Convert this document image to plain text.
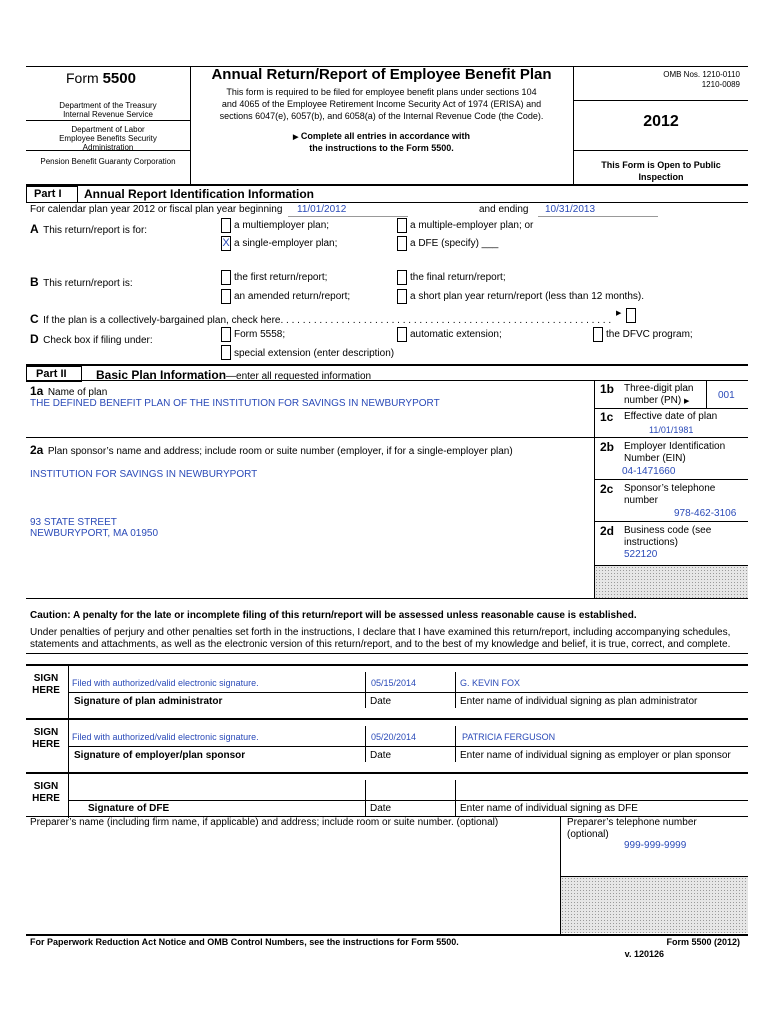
Form 5500
Department of the Treasury
Internal Revenue Service
Department of Labor
Employee Benefits Security
Administration
Pension Benefit Guaranty Corporation
Annual Return/Report of Employee Benefit Plan
This form is required to be filed for employee benefit plans under sections 104
and 4065 of the Employee Retirement Income Security Act of 1974 (ERISA) and
sections 6047(e), 6057(b), and 6058(a) of the Internal Revenue Code (the Code).
▶ Complete all entries in accordance with
the instructions to the Form 5500.
OMB Nos. 1210-0110
1210-0089
2012
This Form is Open to Public
Inspection
Part I Annual Report Identification Information
For calendar plan year 2012 or fiscal plan year beginning 11/01/2012	and ending 10/31/2013
A This return/report is for:	a multiemployer plan;	a multiple-employer plan; or
X a single-employer plan;	a DFE (specify) ___
B This return/report is:
the first return/report;	the final return/report;
an amended return/report;	a short plan year return/report (less than 12 months).
C If the plan is a collectively-bargained plan, check here. . . . . . . . . . . . . . . . . . . . . . . . . . . . . . . . . . . . . . . . . . . . . . . . . . . . . . . . . . . .
▶
D Check box if filing under:
Form 5558;	automatic extension;	the DFVC program;
special extension (enter description)
Part II Basic Plan Information—enter all requested information
1a Name of plan
THE DEFINED BENEFIT PLAN OF THE INSTITUTION FOR SAVINGS IN NEWBURYPORT
1b Three-digit plan
number (PN) ▶
001
1c Effective date of plan
11/01/1981
2a Plan sponsor’s name and address; include room or suite number (employer, if for a single-employer plan)
INSTITUTION FOR SAVINGS IN NEWBURYPORT
93 STATE STREET
NEWBURYPORT, MA 01950
2b Employer Identification
Number (EIN)
04-1471660
2c Sponsor’s telephone
number
978-462-3106
2d Business code (see
instructions)
522120
Caution: A penalty for the late or incomplete filing of this return/report will be assessed unless reasonable cause is established.
Under penalties of perjury and other penalties set forth in the instructions, I declare that I have examined this return/report, including accompanying schedules,
statements and attachments, as well as the electronic version of this return/report, and to the best of my knowledge and belief, it is true, correct, and complete.
SIGN
HERE
Filed with authorized/valid electronic signature.	05/15/2014	G. KEVIN FOX
Signature of plan administrator	Date	Enter name of individual signing as plan administrator
SIGN
HERE
Filed with authorized/valid electronic signature.	05/20/2014	PATRICIA FERGUSON
Signature of employer/plan sponsor	Date	Enter name of individual signing as employer or plan sponsor
SIGN
HERE
Signature of DFE	Date	Enter name of individual signing as DFE
Preparer’s name (including firm name, if applicable) and address; include room or suite number. (optional)	Preparer’s telephone number
(optional)
999-999-9999
For Paperwork Reduction Act Notice and OMB Control Numbers, see the instructions for Form 5500.	Form 5500 (2012)
v. 120126
